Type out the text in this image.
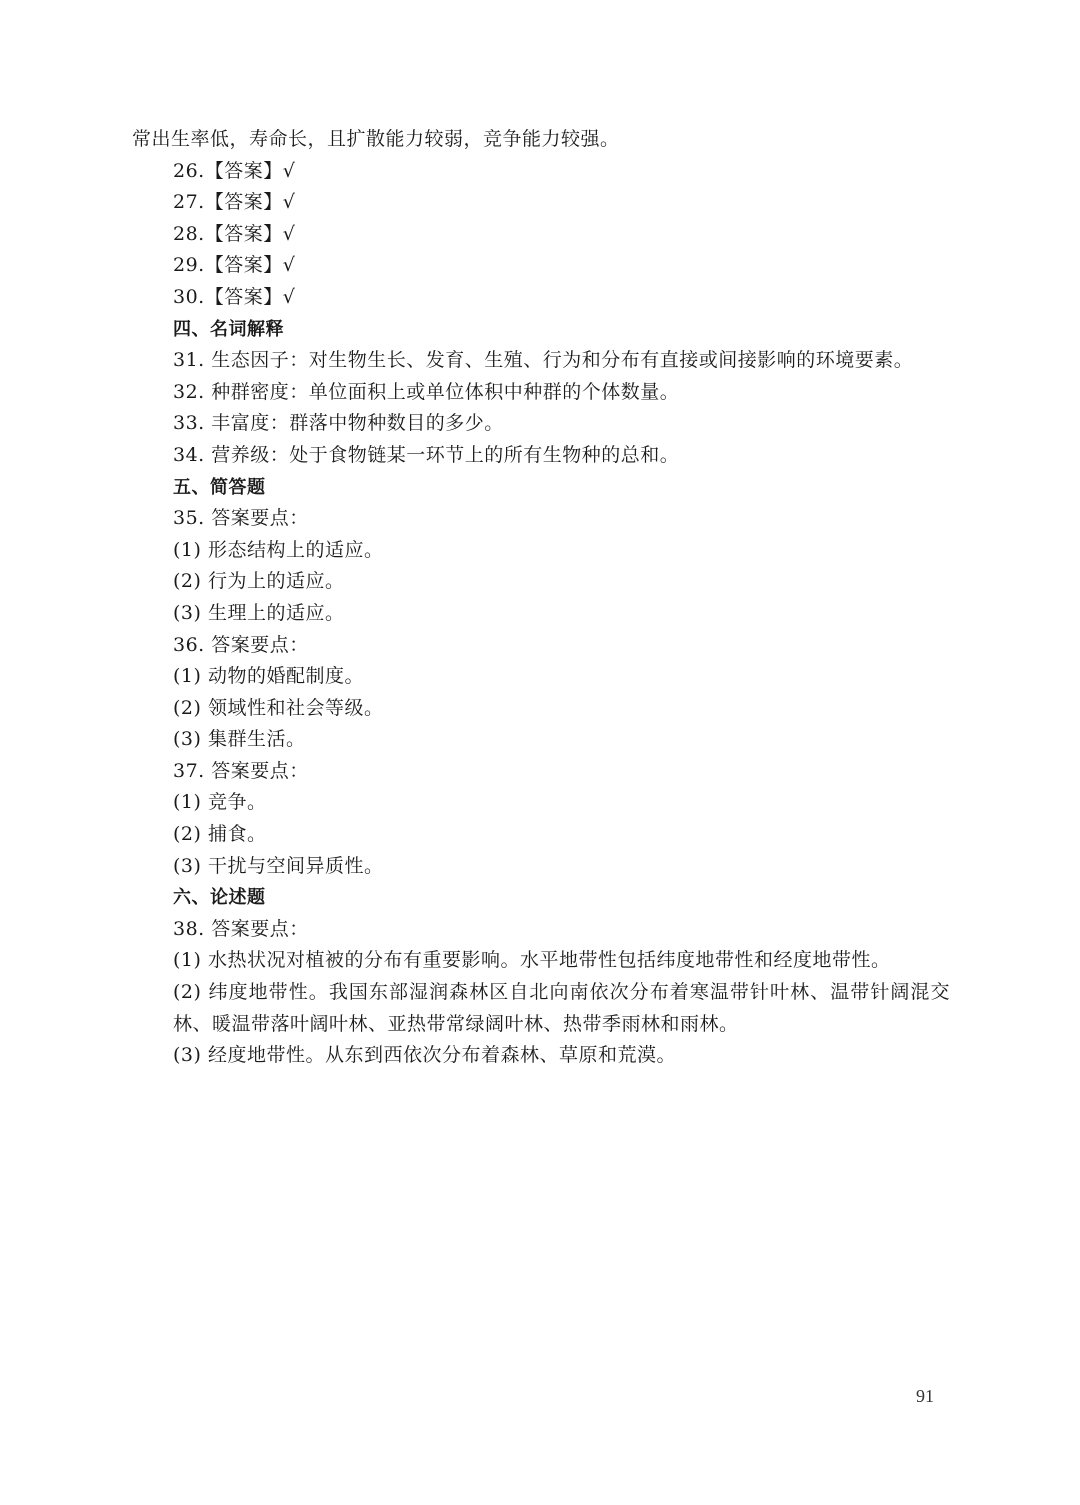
常出生率低，寿命长，且扩散能力较弱，竞争能力较强。
26.【答案】√
27.【答案】√
28.【答案】√
29.【答案】√
30.【答案】√
四、名词解释
31. 生态因子：对生物生长、发育、生殖、行为和分布有直接或间接影响的环境要素。
32. 种群密度：单位面积上或单位体积中种群的个体数量。
33. 丰富度：群落中物种数目的多少。
34. 营养级：处于食物链某一环节上的所有生物种的总和。
五、简答题
35. 答案要点：
(1) 形态结构上的适应。
(2) 行为上的适应。
(3) 生理上的适应。
36. 答案要点：
(1) 动物的婚配制度。
(2) 领域性和社会等级。
(3) 集群生活。
37. 答案要点：
(1) 竞争。
(2) 捕食。
(3) 干扰与空间异质性。
六、论述题
38. 答案要点：
(1) 水热状况对植被的分布有重要影响。水平地带性包括纬度地带性和经度地带性。
(2) 纬度地带性。我国东部湿润森林区自北向南依次分布着寒温带针叶林、温带针阔混交林、暖温带落叶阔叶林、亚热带常绿阔叶林、热带季雨林和雨林。
(3) 经度地带性。从东到西依次分布着森林、草原和荒漠。
91
